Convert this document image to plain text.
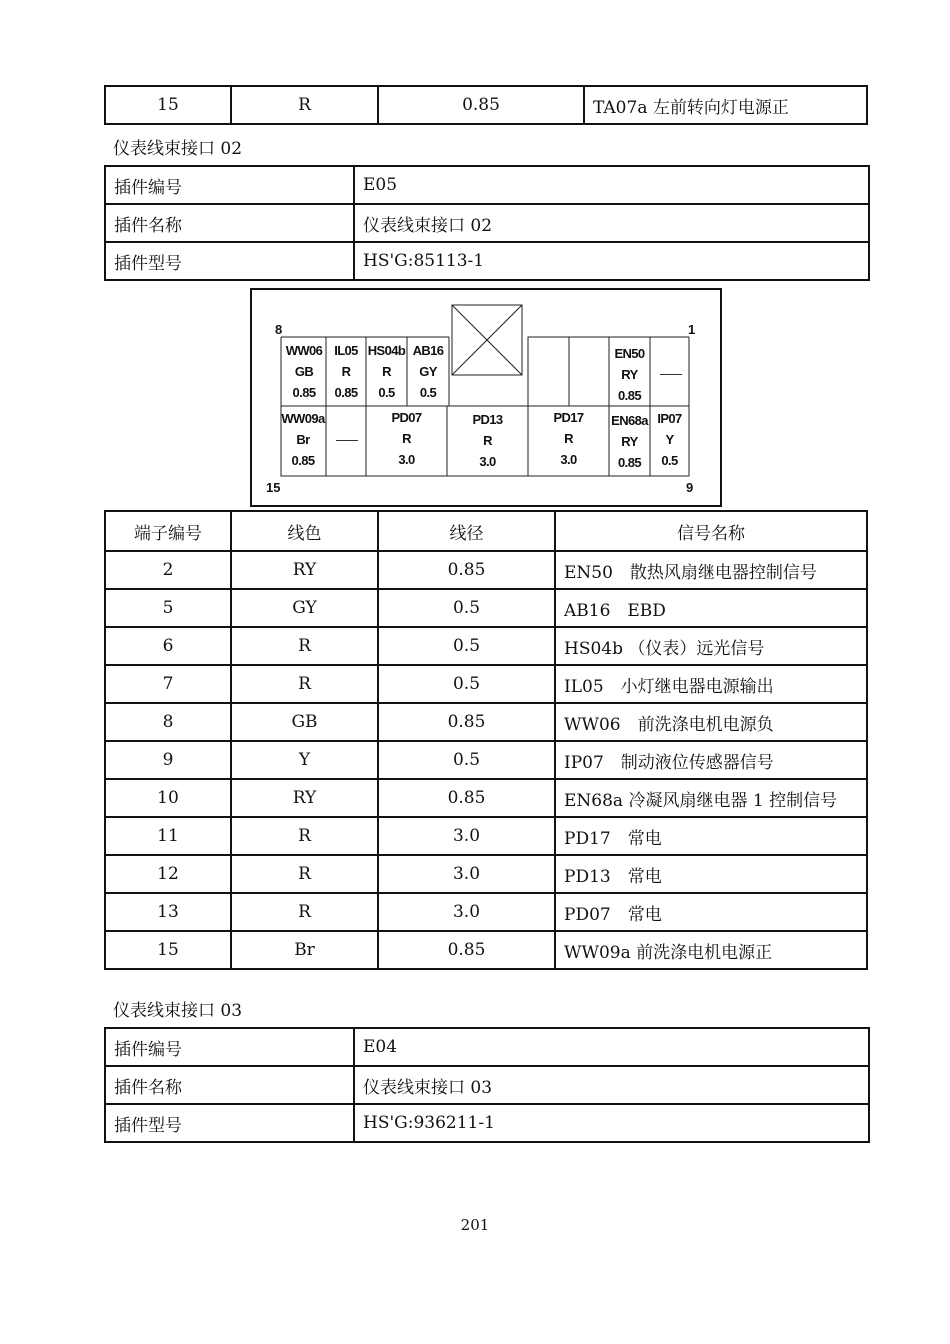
15	R	0.85	TA07a 左前转向灯电源正
仪表线束接口 02
插件编号	E05
插件名称	仪表线束接口 02
插件型号	HS'G:85113-1
8	1
15	9
WW06
GB
0.85
IL05
R
0.85
HS04b
R
0.5
AB16
GY
0.5
EN50
RY
0.85
WW09a
Br
0.85
PD07
R
3.0
PD13
R
3.0
PD17
R
3.0
EN68a
RY
0.85
IP07
Y
0.5
端子编号	线色	线径	信号名称
2	RY	0.85	EN50　散热风扇继电器控制信号
5	GY	0.5	AB16　EBD
6	R	0.5	HS04b （仪表）远光信号
7	R	0.5	IL05　小灯继电器电源输出
8	GB	0.85	WW06　前洗涤电机电源负
9	Y	0.5	IP07　制动液位传感器信号
10	RY	0.85	EN68a 冷凝风扇继电器 1 控制信号
11	R	3.0	PD17　常电
12	R	3.0	PD13　常电
13	R	3.0	PD07　常电
15	Br	0.85	WW09a 前洗涤电机电源正
仪表线束接口 03
插件编号	E04
插件名称	仪表线束接口 03
插件型号	HS'G:936211-1
201
